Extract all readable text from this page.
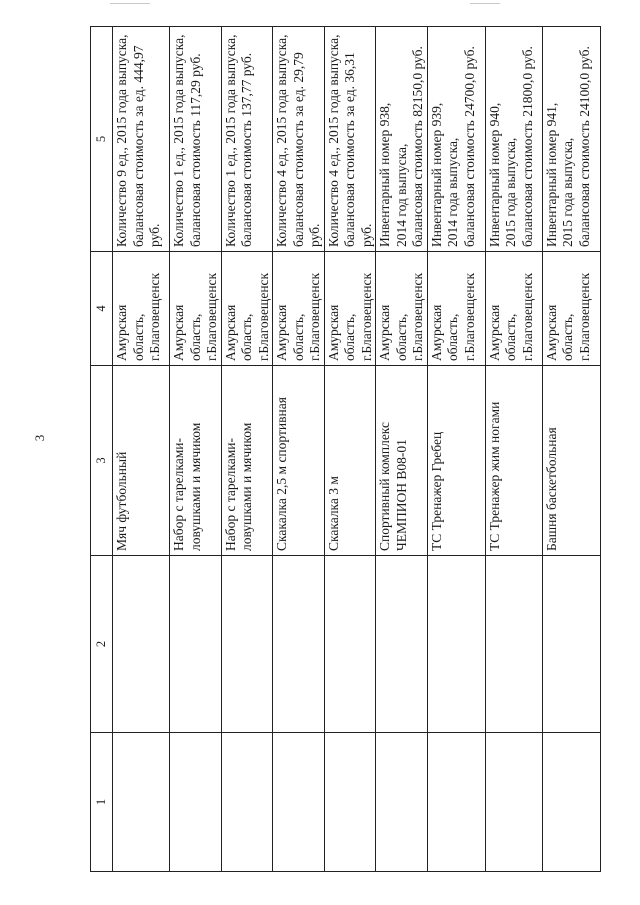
3
1	2	3	4	5
		Мяч футбольный	Амурская область,
г.Благовещенск	Количество 9 ед., 2015 года выпуска,
балансовая стоимость за ед. 444,97 руб.
		Набор с тарелками-
ловушками и мячиком	Амурская область,
г.Благовещенск	Количество 1 ед., 2015 года выпуска,
балансовая стоимость 117,29 руб.
		Набор с тарелками-
ловушками и мячиком	Амурская область,
г.Благовещенск	Количество 1 ед., 2015 года выпуска,
балансовая стоимость 137,77 руб.
		Скакалка 2,5 м спортивная	Амурская область,
г.Благовещенск	Количество 4 ед., 2015 года выпуска,
балансовая стоимость за ед. 29,79 руб.
		Скакалка 3 м	Амурская область,
г.Благовещенск	Количество 4 ед., 2015 года выпуска,
балансовая стоимость за ед. 36,31 руб.
		Спортивный комплекс
ЧЕМПИОН В08-01	Амурская область,
г.Благовещенск	Инвентарный номер 938,
2014 год выпуска,
балансовая стоимость 82150,0 руб.
		ТС Тренажер Гребец	Амурская область,
г.Благовещенск	Инвентарный номер 939,
2014 года выпуска,
балансовая стоимость 24700,0 руб.
		ТС Тренажер жим ногами	Амурская область,
г.Благовещенск	Инвентарный номер 940,
2015 года выпуска,
балансовая стоимость 21800,0 руб.
		Башня баскетбольная	Амурская область,
г.Благовещенск	Инвентарный номер 941,
2015 года выпуска,
балансовая стоимость 24100,0 руб.
